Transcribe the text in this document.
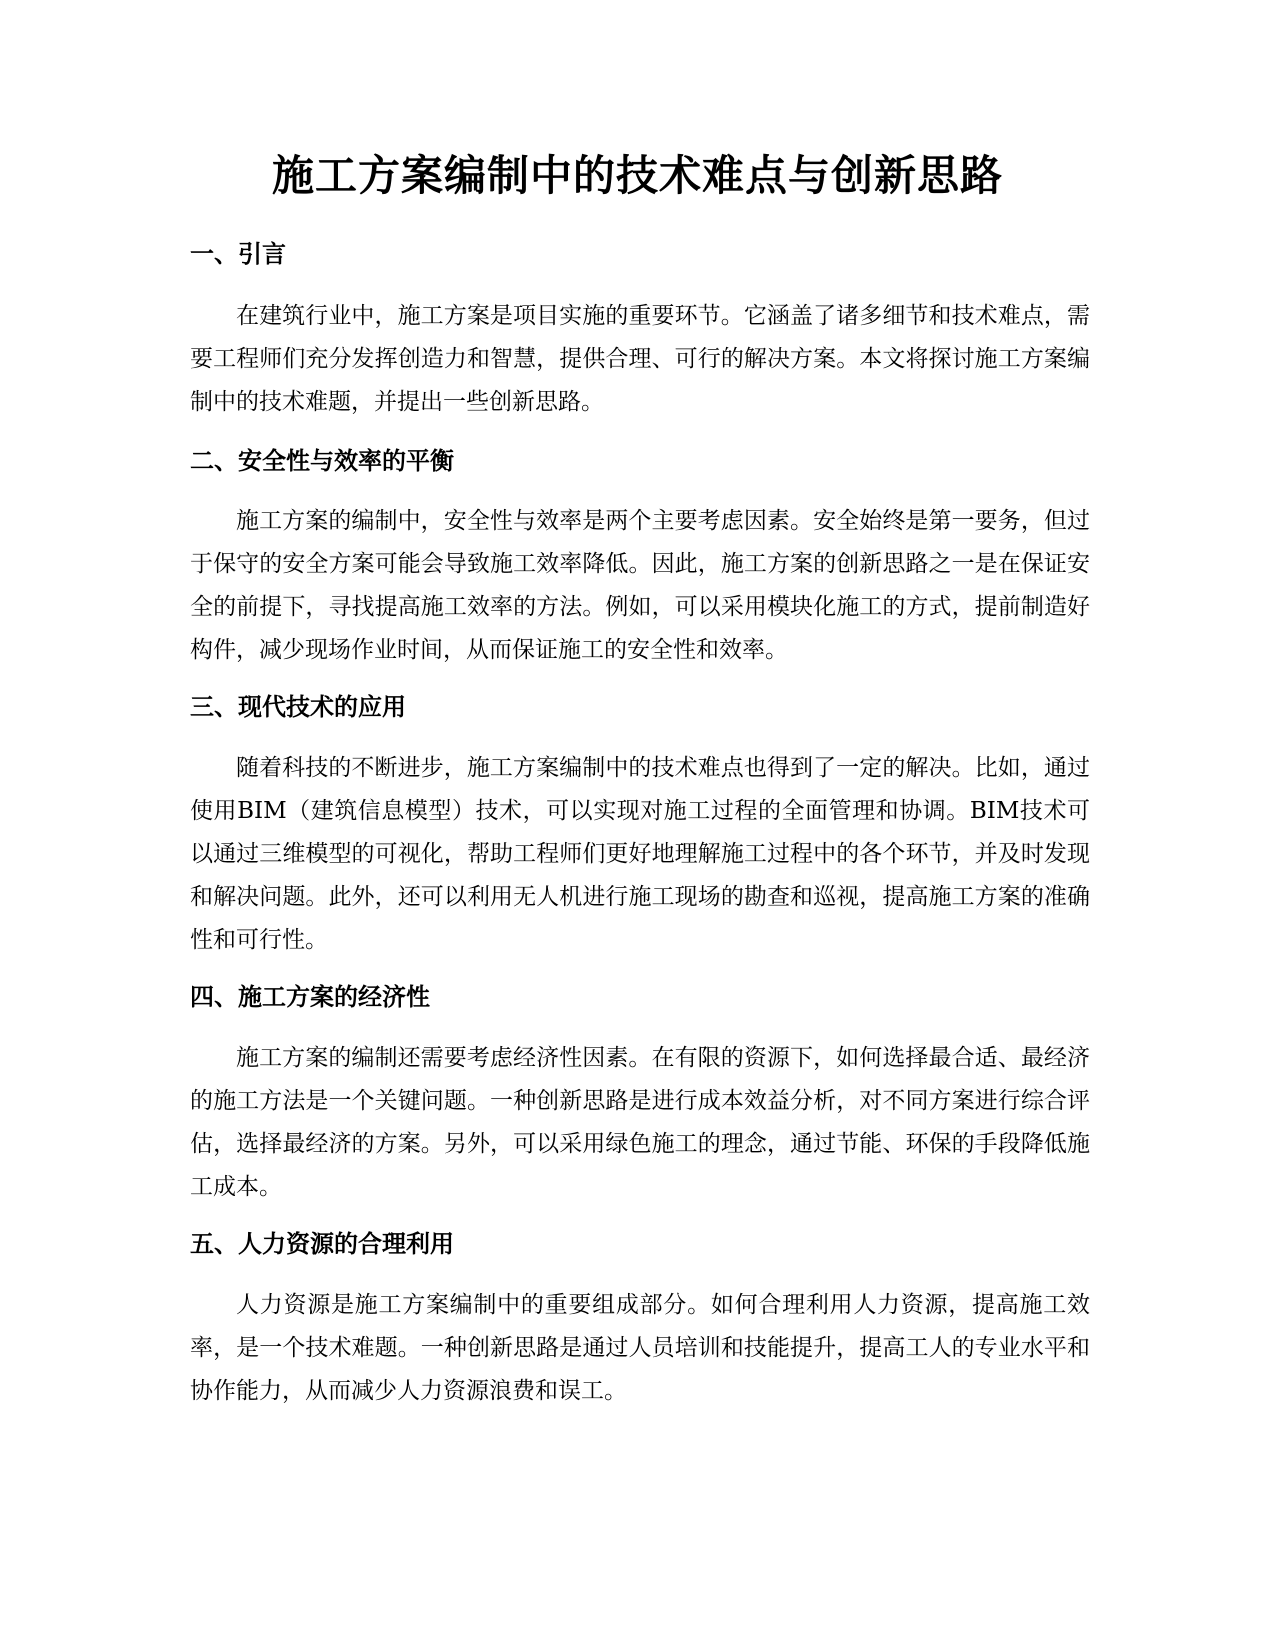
施工方案编制中的技术难点与创新思路
一、引言

在建筑行业中，施工方案是项目实施的重要环节。它涵盖了诸多细节和技术难点，需要工程师们充分发挥创造力和智慧，提供合理、可行的解决方案。本文将探讨施工方案编制中的技术难题，并提出一些创新思路。

二、安全性与效率的平衡

施工方案的编制中，安全性与效率是两个主要考虑因素。安全始终是第一要务，但过于保守的安全方案可能会导致施工效率降低。因此，施工方案的创新思路之一是在保证安全的前提下，寻找提高施工效率的方法。例如，可以采用模块化施工的方式，提前制造好构件，减少现场作业时间，从而保证施工的安全性和效率。

三、现代技术的应用

随着科技的不断进步，施工方案编制中的技术难点也得到了一定的解决。比如，通过使用BIM（建筑信息模型）技术，可以实现对施工过程的全面管理和协调。BIM技术可以通过三维模型的可视化，帮助工程师们更好地理解施工过程中的各个环节，并及时发现和解决问题。此外，还可以利用无人机进行施工现场的勘查和巡视，提高施工方案的准确性和可行性。

四、施工方案的经济性

施工方案的编制还需要考虑经济性因素。在有限的资源下，如何选择最合适、最经济的施工方法是一个关键问题。一种创新思路是进行成本效益分析，对不同方案进行综合评估，选择最经济的方案。另外，可以采用绿色施工的理念，通过节能、环保的手段降低施工成本。

五、人力资源的合理利用

人力资源是施工方案编制中的重要组成部分。如何合理利用人力资源，提高施工效率，是一个技术难题。一种创新思路是通过人员培训和技能提升，提高工人的专业水平和协作能力，从而减少人力资源浪费和误工。
